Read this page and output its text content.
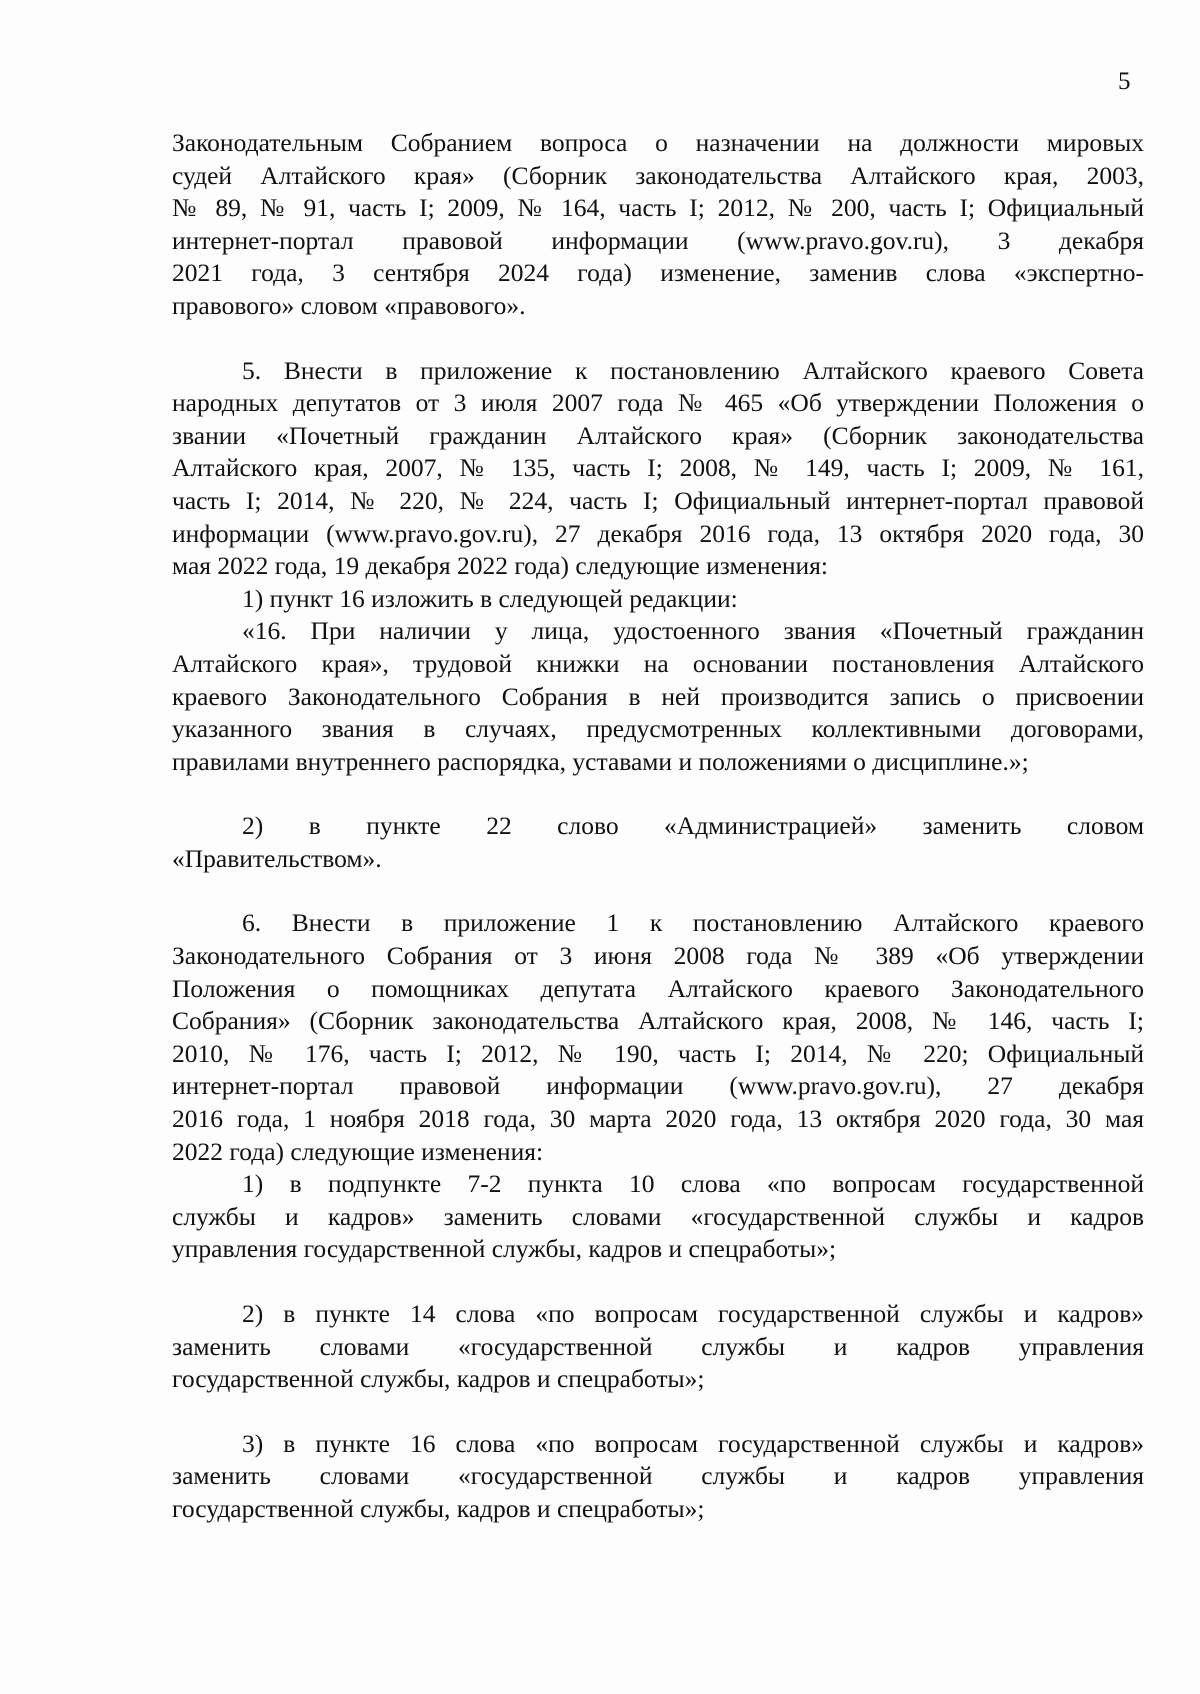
5
Законодательным Собранием вопроса о назначении на должности мировых
судей Алтайского края» (Сборник законодательства Алтайского края, 2003,
№ 89, № 91, часть I; 2009, № 164, часть I; 2012, № 200, часть I; Официальный
интернет-портал правовой информации (www.pravo.gov.ru), 3 декабря
2021 года, 3 сентября 2024 года) изменение, заменив слова «экспертно-
правового» словом «правового».
5. Внести в приложение к постановлению Алтайского краевого Совета
народных депутатов от 3 июля 2007 года № 465 «Об утверждении Положения о
звании «Почетный гражданин Алтайского края» (Сборник законодательства
Алтайского края, 2007, № 135, часть I; 2008, № 149, часть I; 2009, № 161,
часть I; 2014, № 220, № 224, часть I; Официальный интернет-портал правовой
информации (www.pravo.gov.ru), 27 декабря 2016 года, 13 октября 2020 года, 30
мая 2022 года, 19 декабря 2022 года) следующие изменения:
1) пункт 16 изложить в следующей редакции:
«16. При наличии у лица, удостоенного звания «Почетный гражданин
Алтайского края», трудовой книжки на основании постановления Алтайского
краевого Законодательного Собрания в ней производится запись о присвоении
указанного звания в случаях, предусмотренных коллективными договорами,
правилами внутреннего распорядка, уставами и положениями о дисциплине.»;
2) в пункте 22 слово «Администрацией» заменить словом
«Правительством».
6. Внести в приложение 1 к постановлению Алтайского краевого
Законодательного Собрания от 3 июня 2008 года № 389 «Об утверждении
Положения о помощниках депутата Алтайского краевого Законодательного
Собрания» (Сборник законодательства Алтайского края, 2008, № 146, часть I;
2010, № 176, часть I; 2012, № 190, часть I; 2014, № 220; Официальный
интернет-портал правовой информации (www.pravo.gov.ru), 27 декабря
2016 года, 1 ноября 2018 года, 30 марта 2020 года, 13 октября 2020 года, 30 мая
2022 года) следующие изменения:
1) в подпункте 7-2 пункта 10 слова «по вопросам государственной
службы и кадров» заменить словами «государственной службы и кадров
управления государственной службы, кадров и спецработы»;
2) в пункте 14 слова «по вопросам государственной службы и кадров»
заменить словами «государственной службы и кадров управления
государственной службы, кадров и спецработы»;
3) в пункте 16 слова «по вопросам государственной службы и кадров»
заменить словами «государственной службы и кадров управления
государственной службы, кадров и спецработы»;
